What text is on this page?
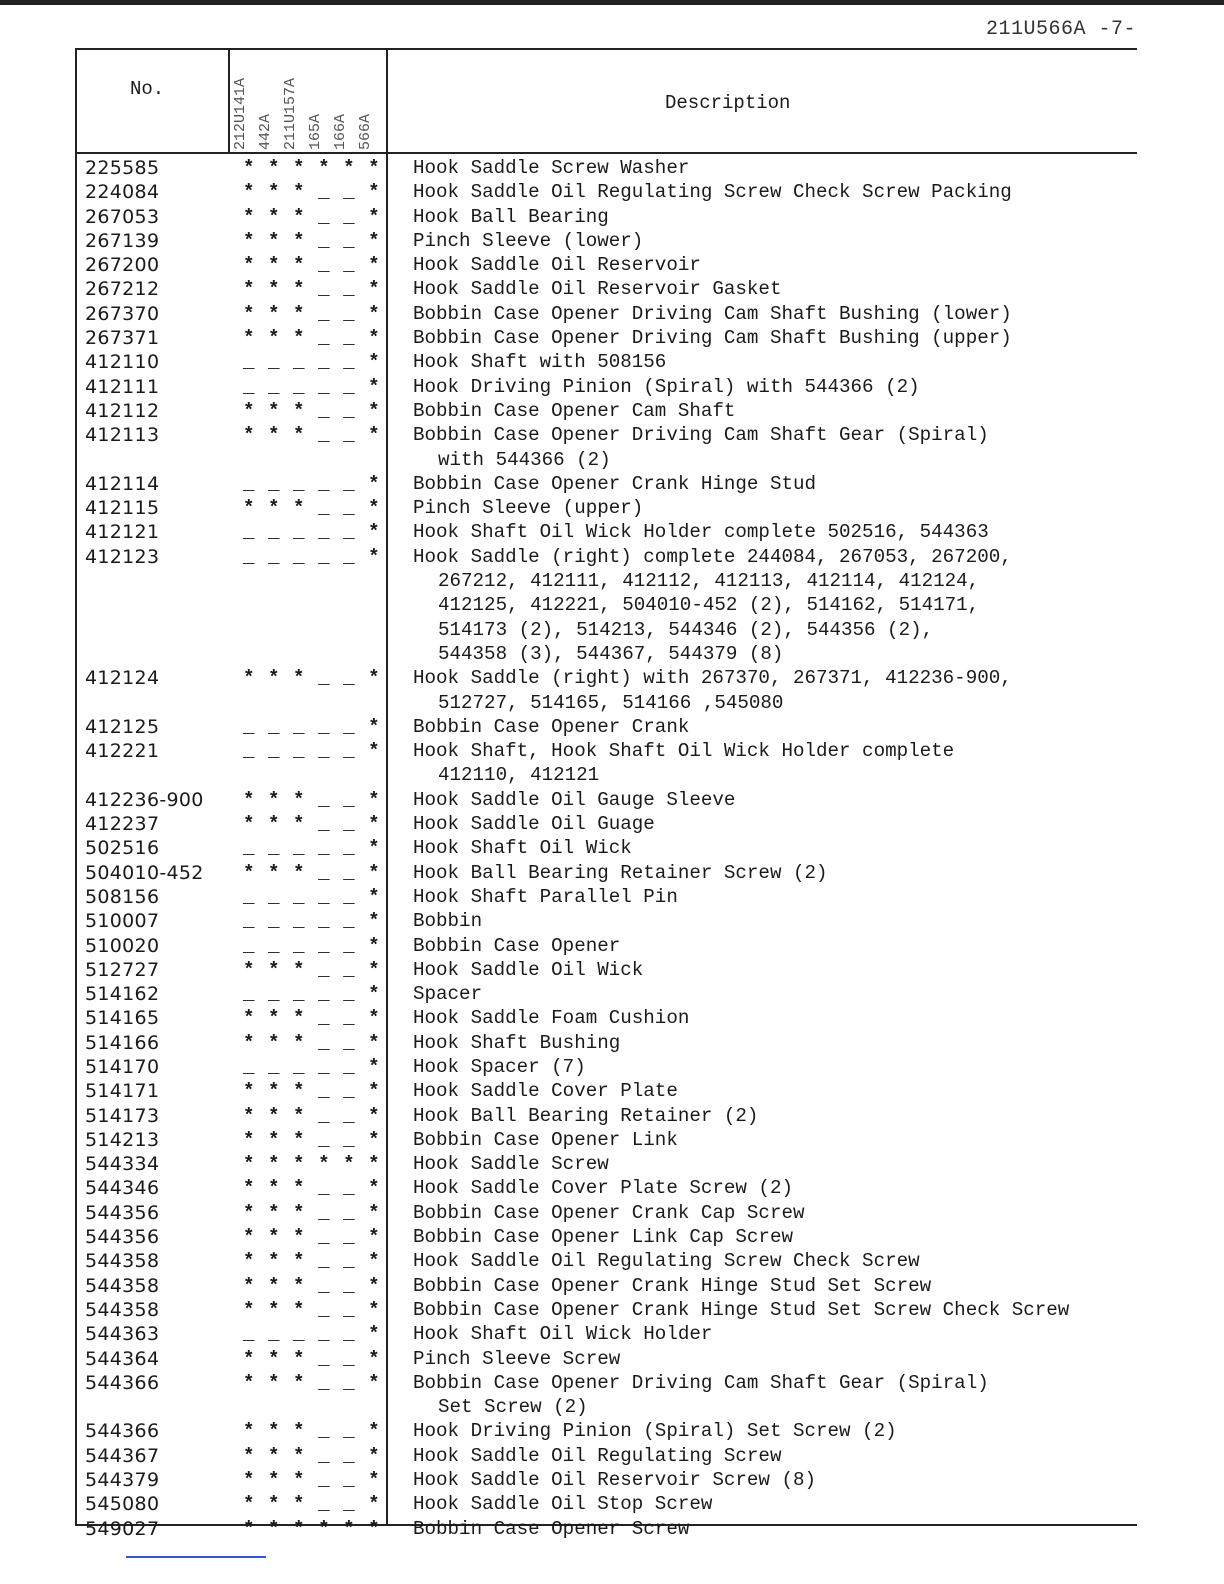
211U566A -7-
No.
Description
212U141A 442A 211U157A 165A 166A 566A
225585	* * * * * *	Hook Saddle Screw Washer
224084	* * * _ _ *	Hook Saddle Oil Regulating Screw Check Screw Packing
267053	* * * _ _ *	Hook Ball Bearing
267139	* * * _ _ *	Pinch Sleeve (lower)
267200	* * * _ _ *	Hook Saddle Oil Reservoir
267212	* * * _ _ *	Hook Saddle Oil Reservoir Gasket
267370	* * * _ _ *	Bobbin Case Opener Driving Cam Shaft Bushing (lower)
267371	* * * _ _ *	Bobbin Case Opener Driving Cam Shaft Bushing (upper)
412110	_ _ _ _ _ *	Hook Shaft with 508156
412111	_ _ _ _ _ *	Hook Driving Pinion (Spiral) with 544366 (2)
412112	* * * _ _ *	Bobbin Case Opener Cam Shaft
412113	* * * _ _ *	Bobbin Case Opener Driving Cam Shaft Gear (Spiral)
with 544366 (2)
412114	_ _ _ _ _ *	Bobbin Case Opener Crank Hinge Stud
412115	* * * _ _ *	Pinch Sleeve (upper)
412121	_ _ _ _ _ *	Hook Shaft Oil Wick Holder complete 502516, 544363
412123	_ _ _ _ _ *	Hook Saddle (right) complete 244084, 267053, 267200,
267212, 412111, 412112, 412113, 412114, 412124,
412125, 412221, 504010-452 (2), 514162, 514171,
514173 (2), 514213, 544346 (2), 544356 (2),
544358 (3), 544367, 544379 (8)
412124	* * * _ _ *	Hook Saddle (right) with 267370, 267371, 412236-900,
512727, 514165, 514166 ,545080
412125	_ _ _ _ _ *	Bobbin Case Opener Crank
412221	_ _ _ _ _ *	Hook Shaft, Hook Shaft Oil Wick Holder complete
412110, 412121
412236-900	* * * _ _ *	Hook Saddle Oil Gauge Sleeve
412237	* * * _ _ *	Hook Saddle Oil Guage
502516	_ _ _ _ _ *	Hook Shaft Oil Wick
504010-452	* * * _ _ *	Hook Ball Bearing Retainer Screw (2)
508156	_ _ _ _ _ *	Hook Shaft Parallel Pin
510007	_ _ _ _ _ *	Bobbin
510020	_ _ _ _ _ *	Bobbin Case Opener
512727	* * * _ _ *	Hook Saddle Oil Wick
514162	_ _ _ _ _ *	Spacer
514165	* * * _ _ *	Hook Saddle Foam Cushion
514166	* * * _ _ *	Hook Shaft Bushing
514170	_ _ _ _ _ *	Hook Spacer (7)
514171	* * * _ _ *	Hook Saddle Cover Plate
514173	* * * _ _ *	Hook Ball Bearing Retainer (2)
514213	* * * _ _ *	Bobbin Case Opener Link
544334	* * * * * *	Hook Saddle Screw
544346	* * * _ _ *	Hook Saddle Cover Plate Screw (2)
544356	* * * _ _ *	Bobbin Case Opener Crank Cap Screw
544356	* * * _ _ *	Bobbin Case Opener Link Cap Screw
544358	* * * _ _ *	Hook Saddle Oil Regulating Screw Check Screw
544358	* * * _ _ *	Bobbin Case Opener Crank Hinge Stud Set Screw
544358	* * * _ _ *	Bobbin Case Opener Crank Hinge Stud Set Screw Check Screw
544363	_ _ _ _ _ *	Hook Shaft Oil Wick Holder
544364	* * * _ _ *	Pinch Sleeve Screw
544366	* * * _ _ *	Bobbin Case Opener Driving Cam Shaft Gear (Spiral)
Set Screw (2)
544366	* * * _ _ *	Hook Driving Pinion (Spiral) Set Screw (2)
544367	* * * _ _ *	Hook Saddle Oil Regulating Screw
544379	* * * _ _ *	Hook Saddle Oil Reservoir Screw (8)
545080	* * * _ _ *	Hook Saddle Oil Stop Screw
549027	* * * * * *	Bobbin Case Opener Screw
